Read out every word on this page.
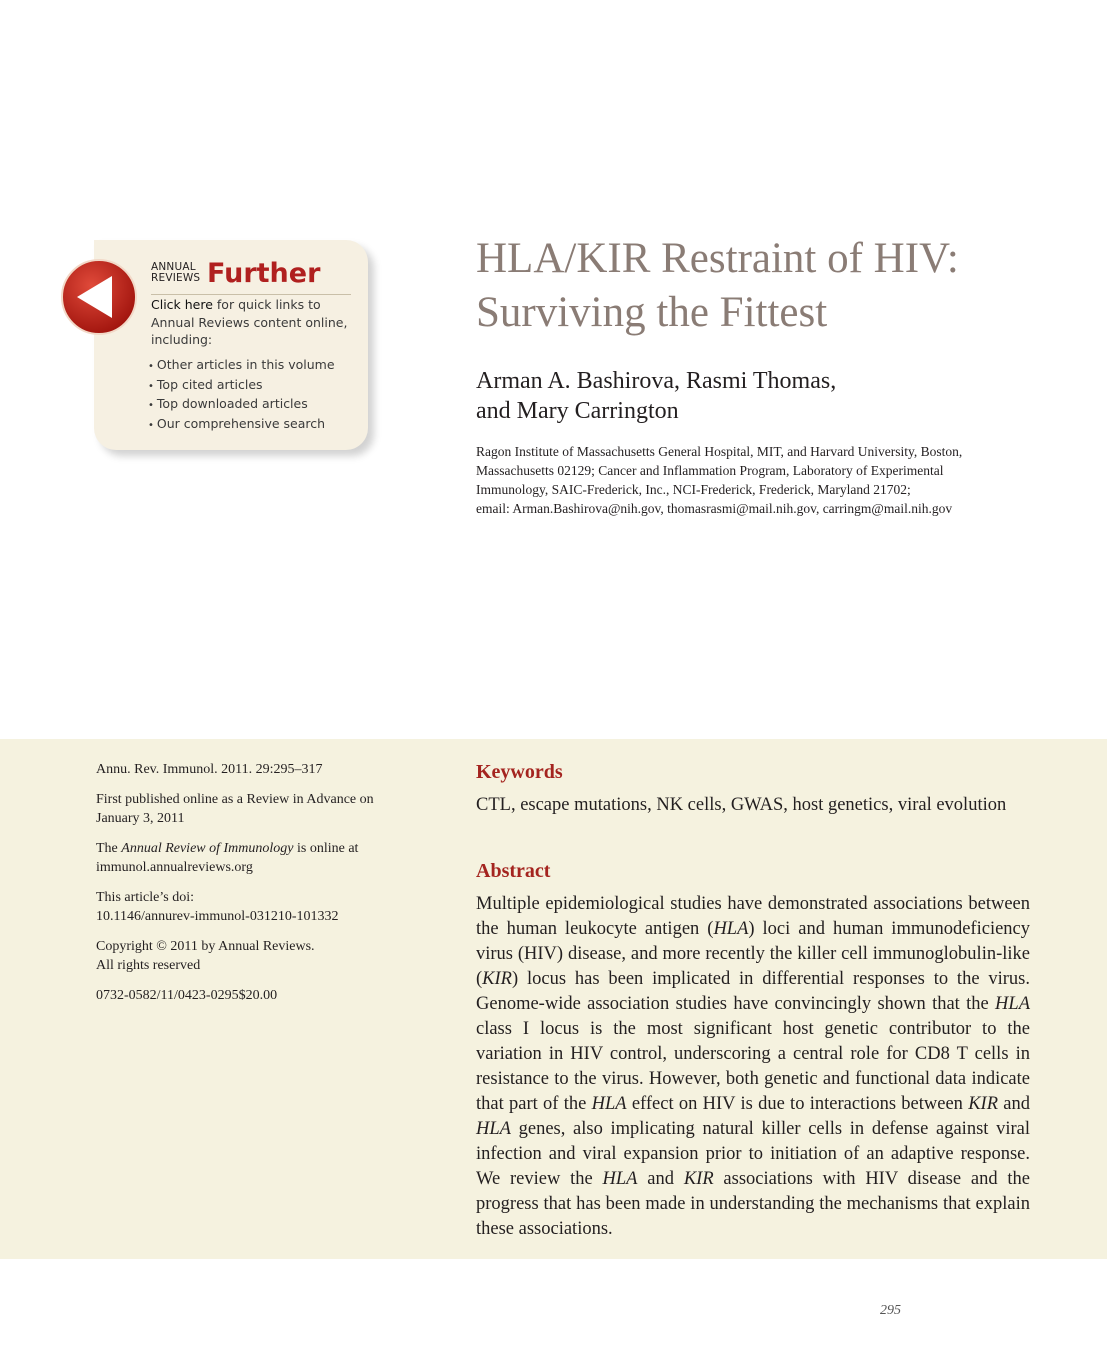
ANNUAL
REVIEWS Further
Click here for quick links to Annual Reviews content online, including:
• Other articles in this volume
• Top cited articles
• Top downloaded articles
• Our comprehensive search
HLA/KIR Restraint of HIV:
Surviving the Fittest
Arman A. Bashirova, Rasmi Thomas,
and Mary Carrington
Ragon Institute of Massachusetts General Hospital, MIT, and Harvard University, Boston,
Massachusetts 02129; Cancer and Inflammation Program, Laboratory of Experimental
Immunology, SAIC-Frederick, Inc., NCI-Frederick, Frederick, Maryland 21702;
email: Arman.Bashirova@nih.gov, thomasrasmi@mail.nih.gov, carringm@mail.nih.gov

Annu. Rev. Immunol. 2011. 29:295–317

First published online as a Review in Advance on
January 3, 2011

The Annual Review of Immunology is online at
immunol.annualreviews.org

This article’s doi:
10.1146/annurev-immunol-031210-101332

Copyright © 2011 by Annual Reviews.
All rights reserved

0732-0582/11/0423-0295$20.00

Keywords
CTL, escape mutations, NK cells, GWAS, host genetics, viral evolution
Abstract
Multiple epidemiological studies have demonstrated associations between the human leukocyte antigen (HLA) loci and human immunodeficiency virus (HIV) disease, and more recently the killer cell immunoglobulin-like (KIR) locus has been implicated in differential responses to the virus. Genome-wide association studies have convincingly shown that the HLA class I locus is the most significant host genetic contributor to the variation in HIV control, underscoring a central role for CD8 T cells in resistance to the virus. However, both genetic and functional data indicate that part of the HLA effect on HIV is due to interactions between KIR and HLA genes, also implicating natural killer cells in defense against viral infection and viral expansion prior to initiation of an adaptive response. We review the HLA and KIR associations with HIV disease and the progress that has been made in understanding the mechanisms that explain these associations.
295
